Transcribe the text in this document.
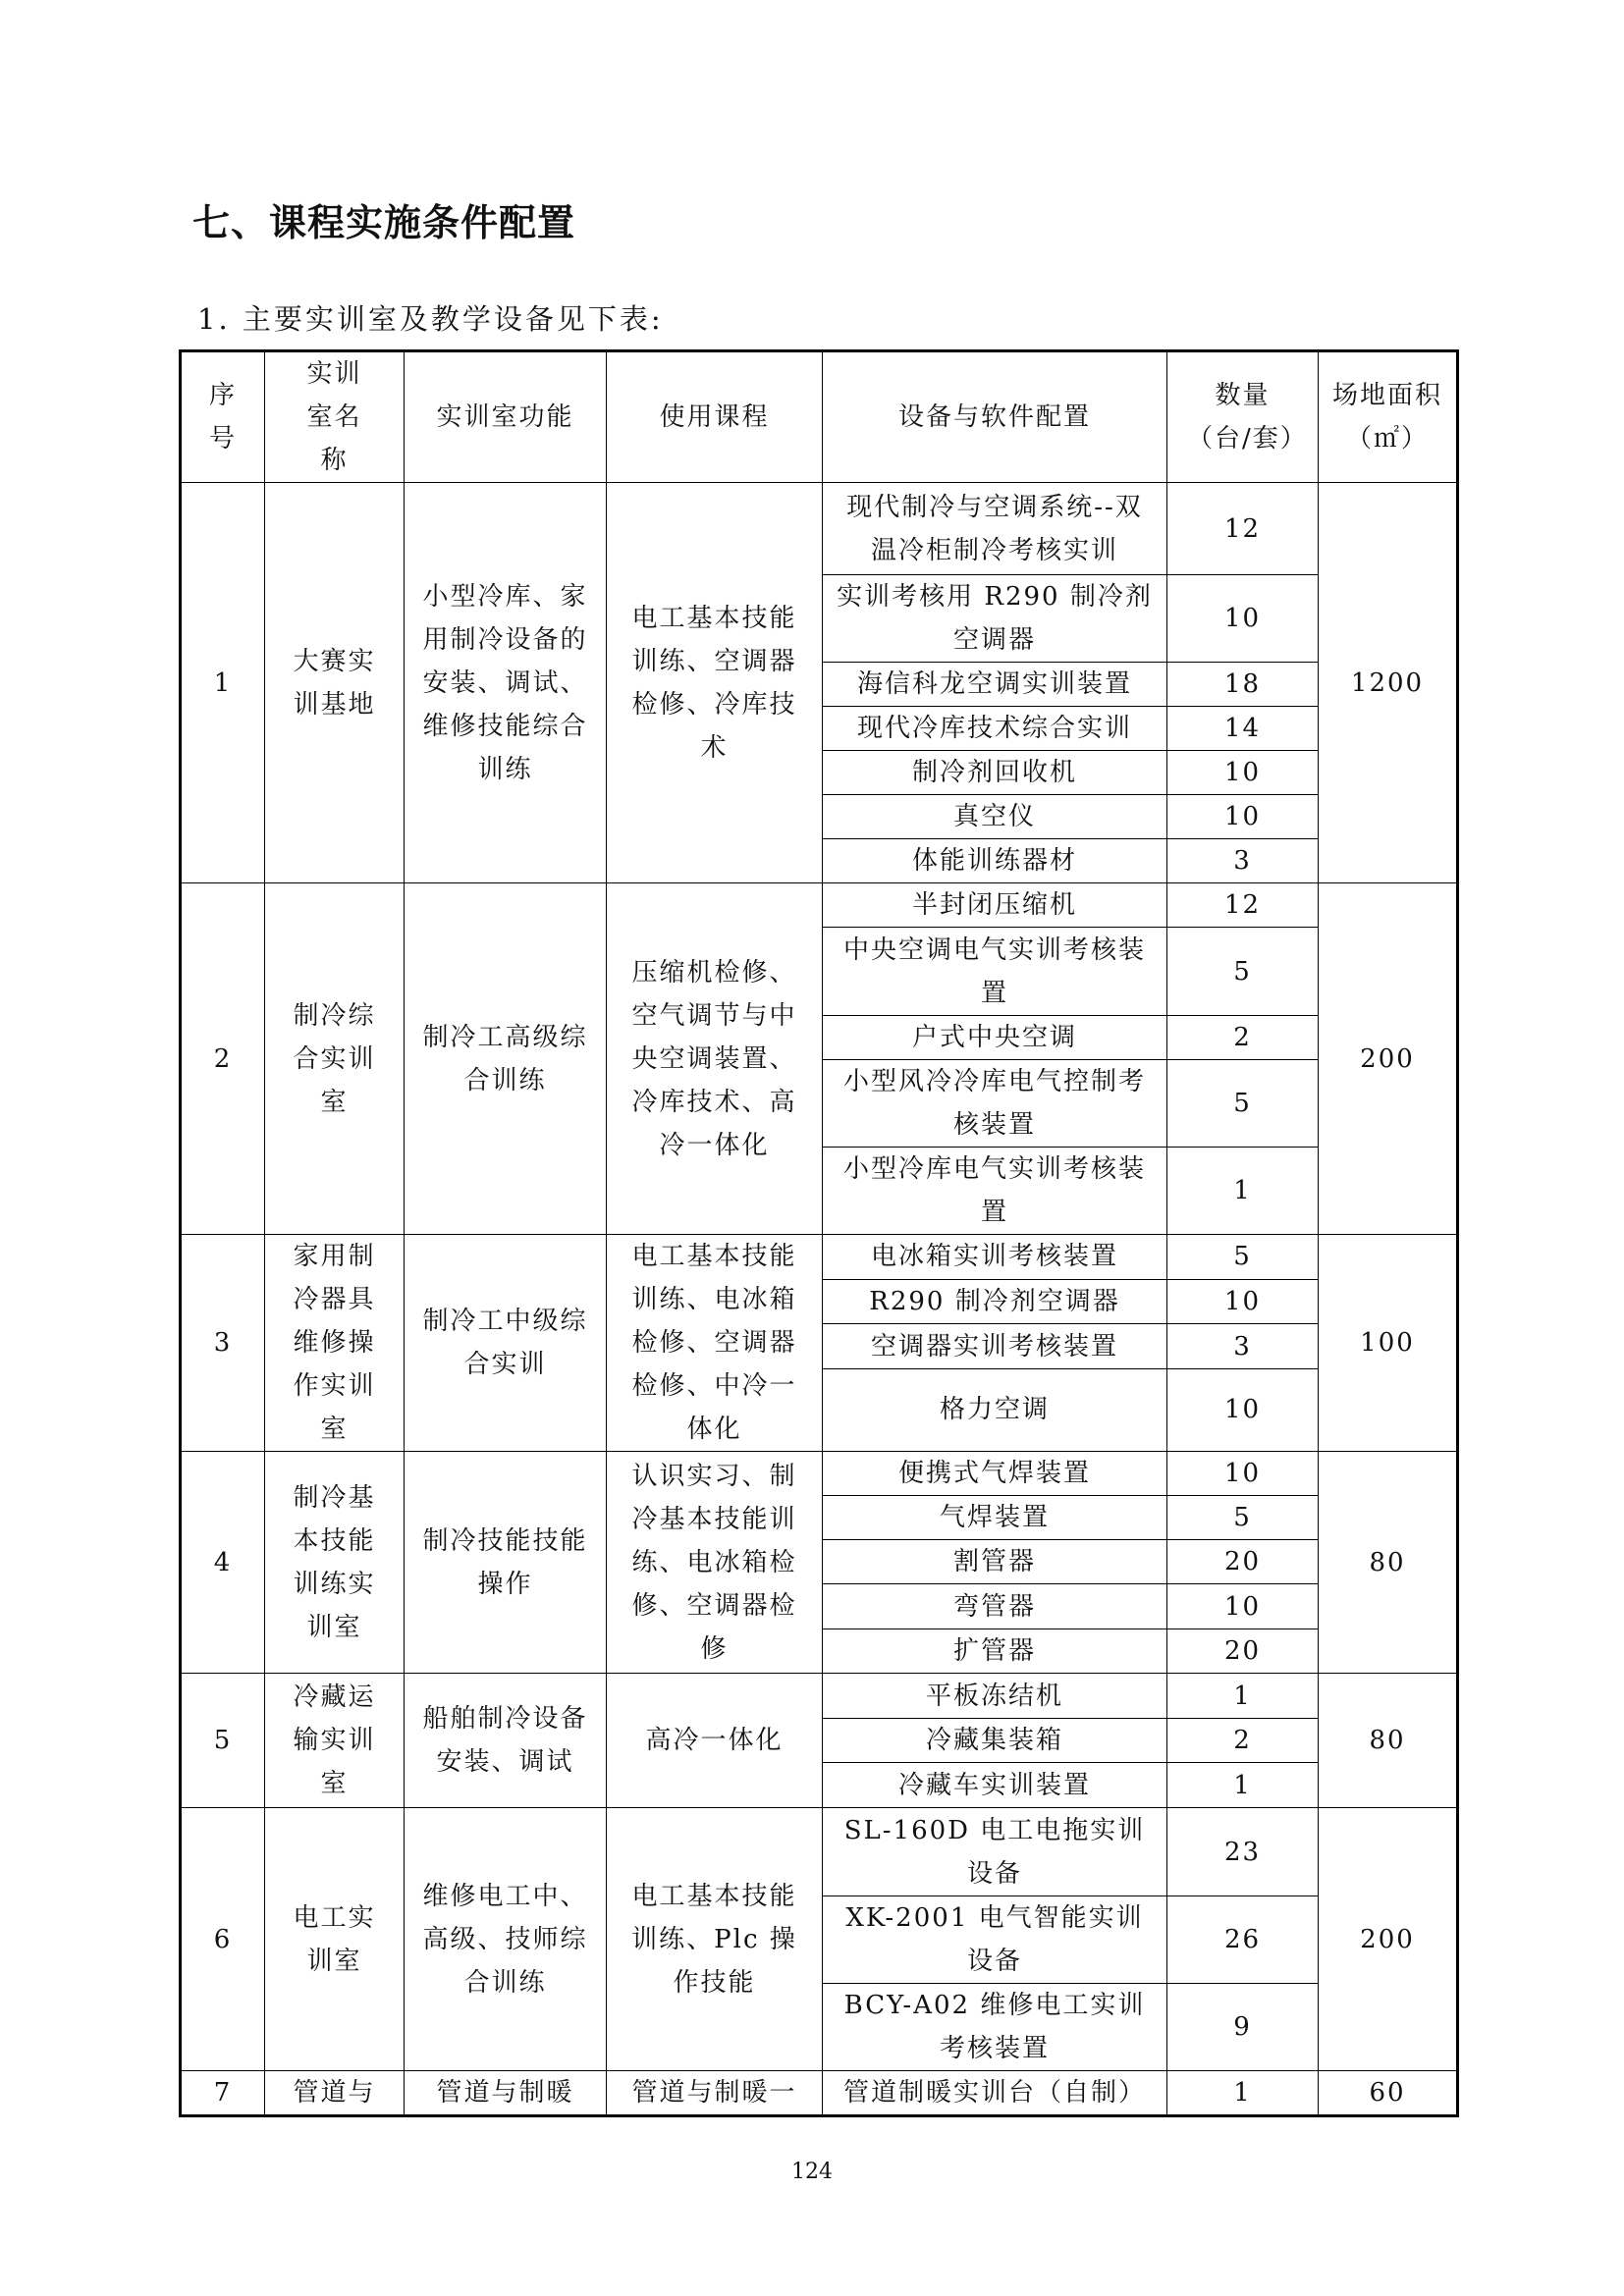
七、课程实施条件配置
1. 主要实训室及教学设备见下表:
序号	实训室名称	实训室功能	使用课程	设备与软件配置	数量（台/套）	场地面积（㎡）
1	大赛实训基地	小型冷库、家用制冷设备的安装、调试、维修技能综合训练	电工基本技能训练、空调器检修、冷库技术	现代制冷与空调系统--双温冷柜制冷考核实训	12	1200
				实训考核用 R290 制冷剂空调器	10	
				海信科龙空调实训装置	18	
				现代冷库技术综合实训	14	
				制冷剂回收机	10	
				真空仪	10	
				体能训练器材	3	
2	制冷综合实训室	制冷工高级综合训练	压缩机检修、空气调节与中央空调装置、冷库技术、高冷一体化	半封闭压缩机	12	200
				中央空调电气实训考核装置	5	
				户式中央空调	2	
				小型风冷冷库电气控制考核装置	5	
				小型冷库电气实训考核装置	1	
3	家用制冷器具维修操作实训室	制冷工中级综合实训	电工基本技能训练、电冰箱检修、空调器检修、中冷一体化	电冰箱实训考核装置	5	100
				R290 制冷剂空调器	10	
				空调器实训考核装置	3	
				格力空调	10	
4	制冷基本技能训练实训室	制冷技能技能操作	认识实习、制冷基本技能训练、电冰箱检修、空调器检修	便携式气焊装置	10	80
				气焊装置	5	
				割管器	20	
				弯管器	10	
				扩管器	20	
5	冷藏运输实训室	船舶制冷设备安装、调试	高冷一体化	平板冻结机	1	80
				冷藏集装箱	2	
				冷藏车实训装置	1	
6	电工实训室	维修电工中、高级、技师综合训练	电工基本技能训练、Plc 操作技能	SL-160D 电工电拖实训设备	23	200
				XK-2001 电气智能实训设备	26	
				BCY-A02 维修电工实训考核装置	9	
7	管道与	管道与制暖	管道与制暖一	管道制暖实训台（自制）	1	60
124
